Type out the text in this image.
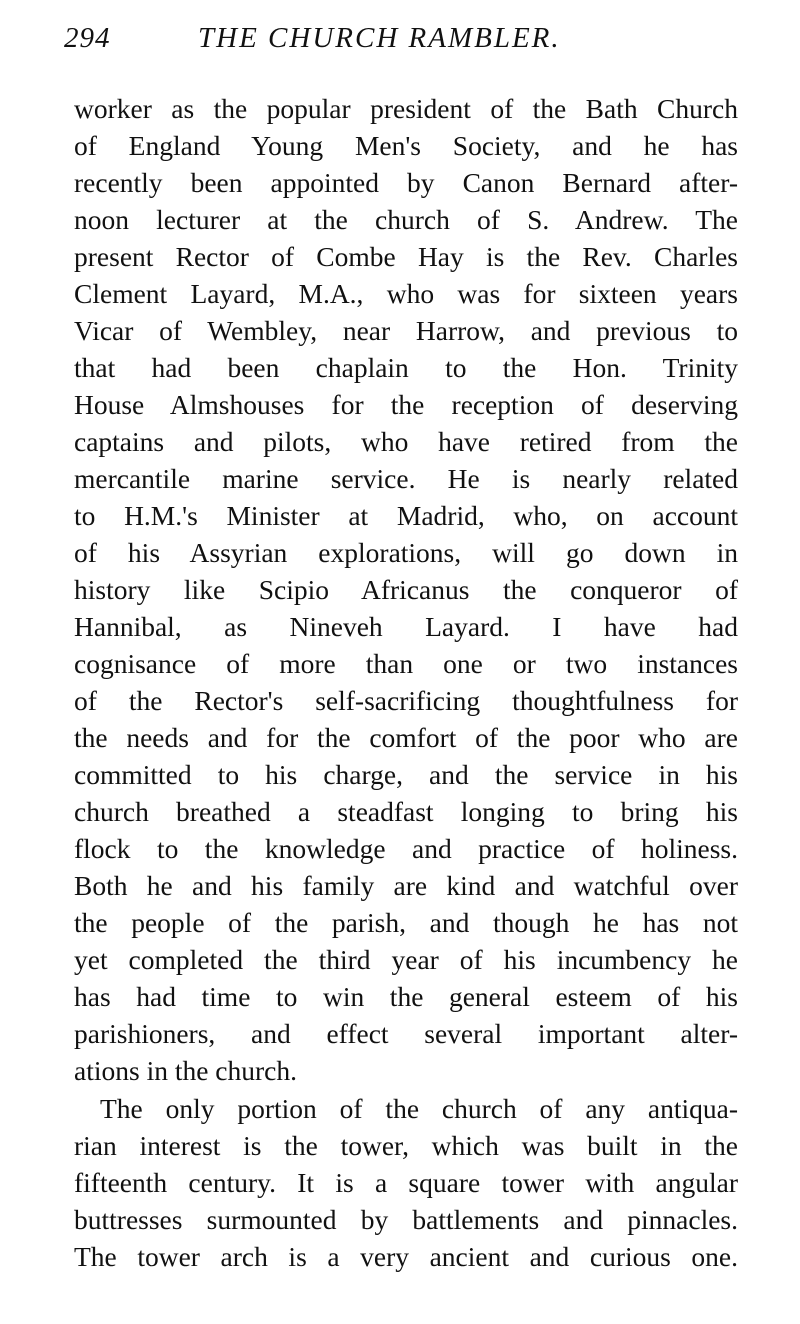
294	THE CHURCH RAMBLER.
worker as the popular president of the Bath Church
of England Young Men's Society, and he has
recently been appointed by Canon Bernard after-
noon lecturer at the church of S. Andrew. The
present Rector of Combe Hay is the Rev. Charles
Clement Layard, M.A., who was for sixteen years
Vicar of Wembley, near Harrow, and previous to
that had been chaplain to the Hon. Trinity
House Almshouses for the reception of deserving
captains and pilots, who have retired from the
mercantile marine service. He is nearly related
to H.M.'s Minister at Madrid, who, on account
of his Assyrian explorations, will go down in
history like Scipio Africanus the conqueror of
Hannibal, as Nineveh Layard. I have had
cognisance of more than one or two instances
of the Rector's self-sacrificing thoughtfulness for
the needs and for the comfort of the poor who are
committed to his charge, and the service in his
church breathed a steadfast longing to bring his
flock to the knowledge and practice of holiness.
Both he and his family are kind and watchful over
the people of the parish, and though he has not
yet completed the third year of his incumbency he
has had time to win the general esteem of his
parishioners, and effect several important alter-
ations in the church.
The only portion of the church of any antiqua-
rian interest is the tower, which was built in the
fifteenth century. It is a square tower with angular
buttresses surmounted by battlements and pinnacles.
The tower arch is a very ancient and curious one.
